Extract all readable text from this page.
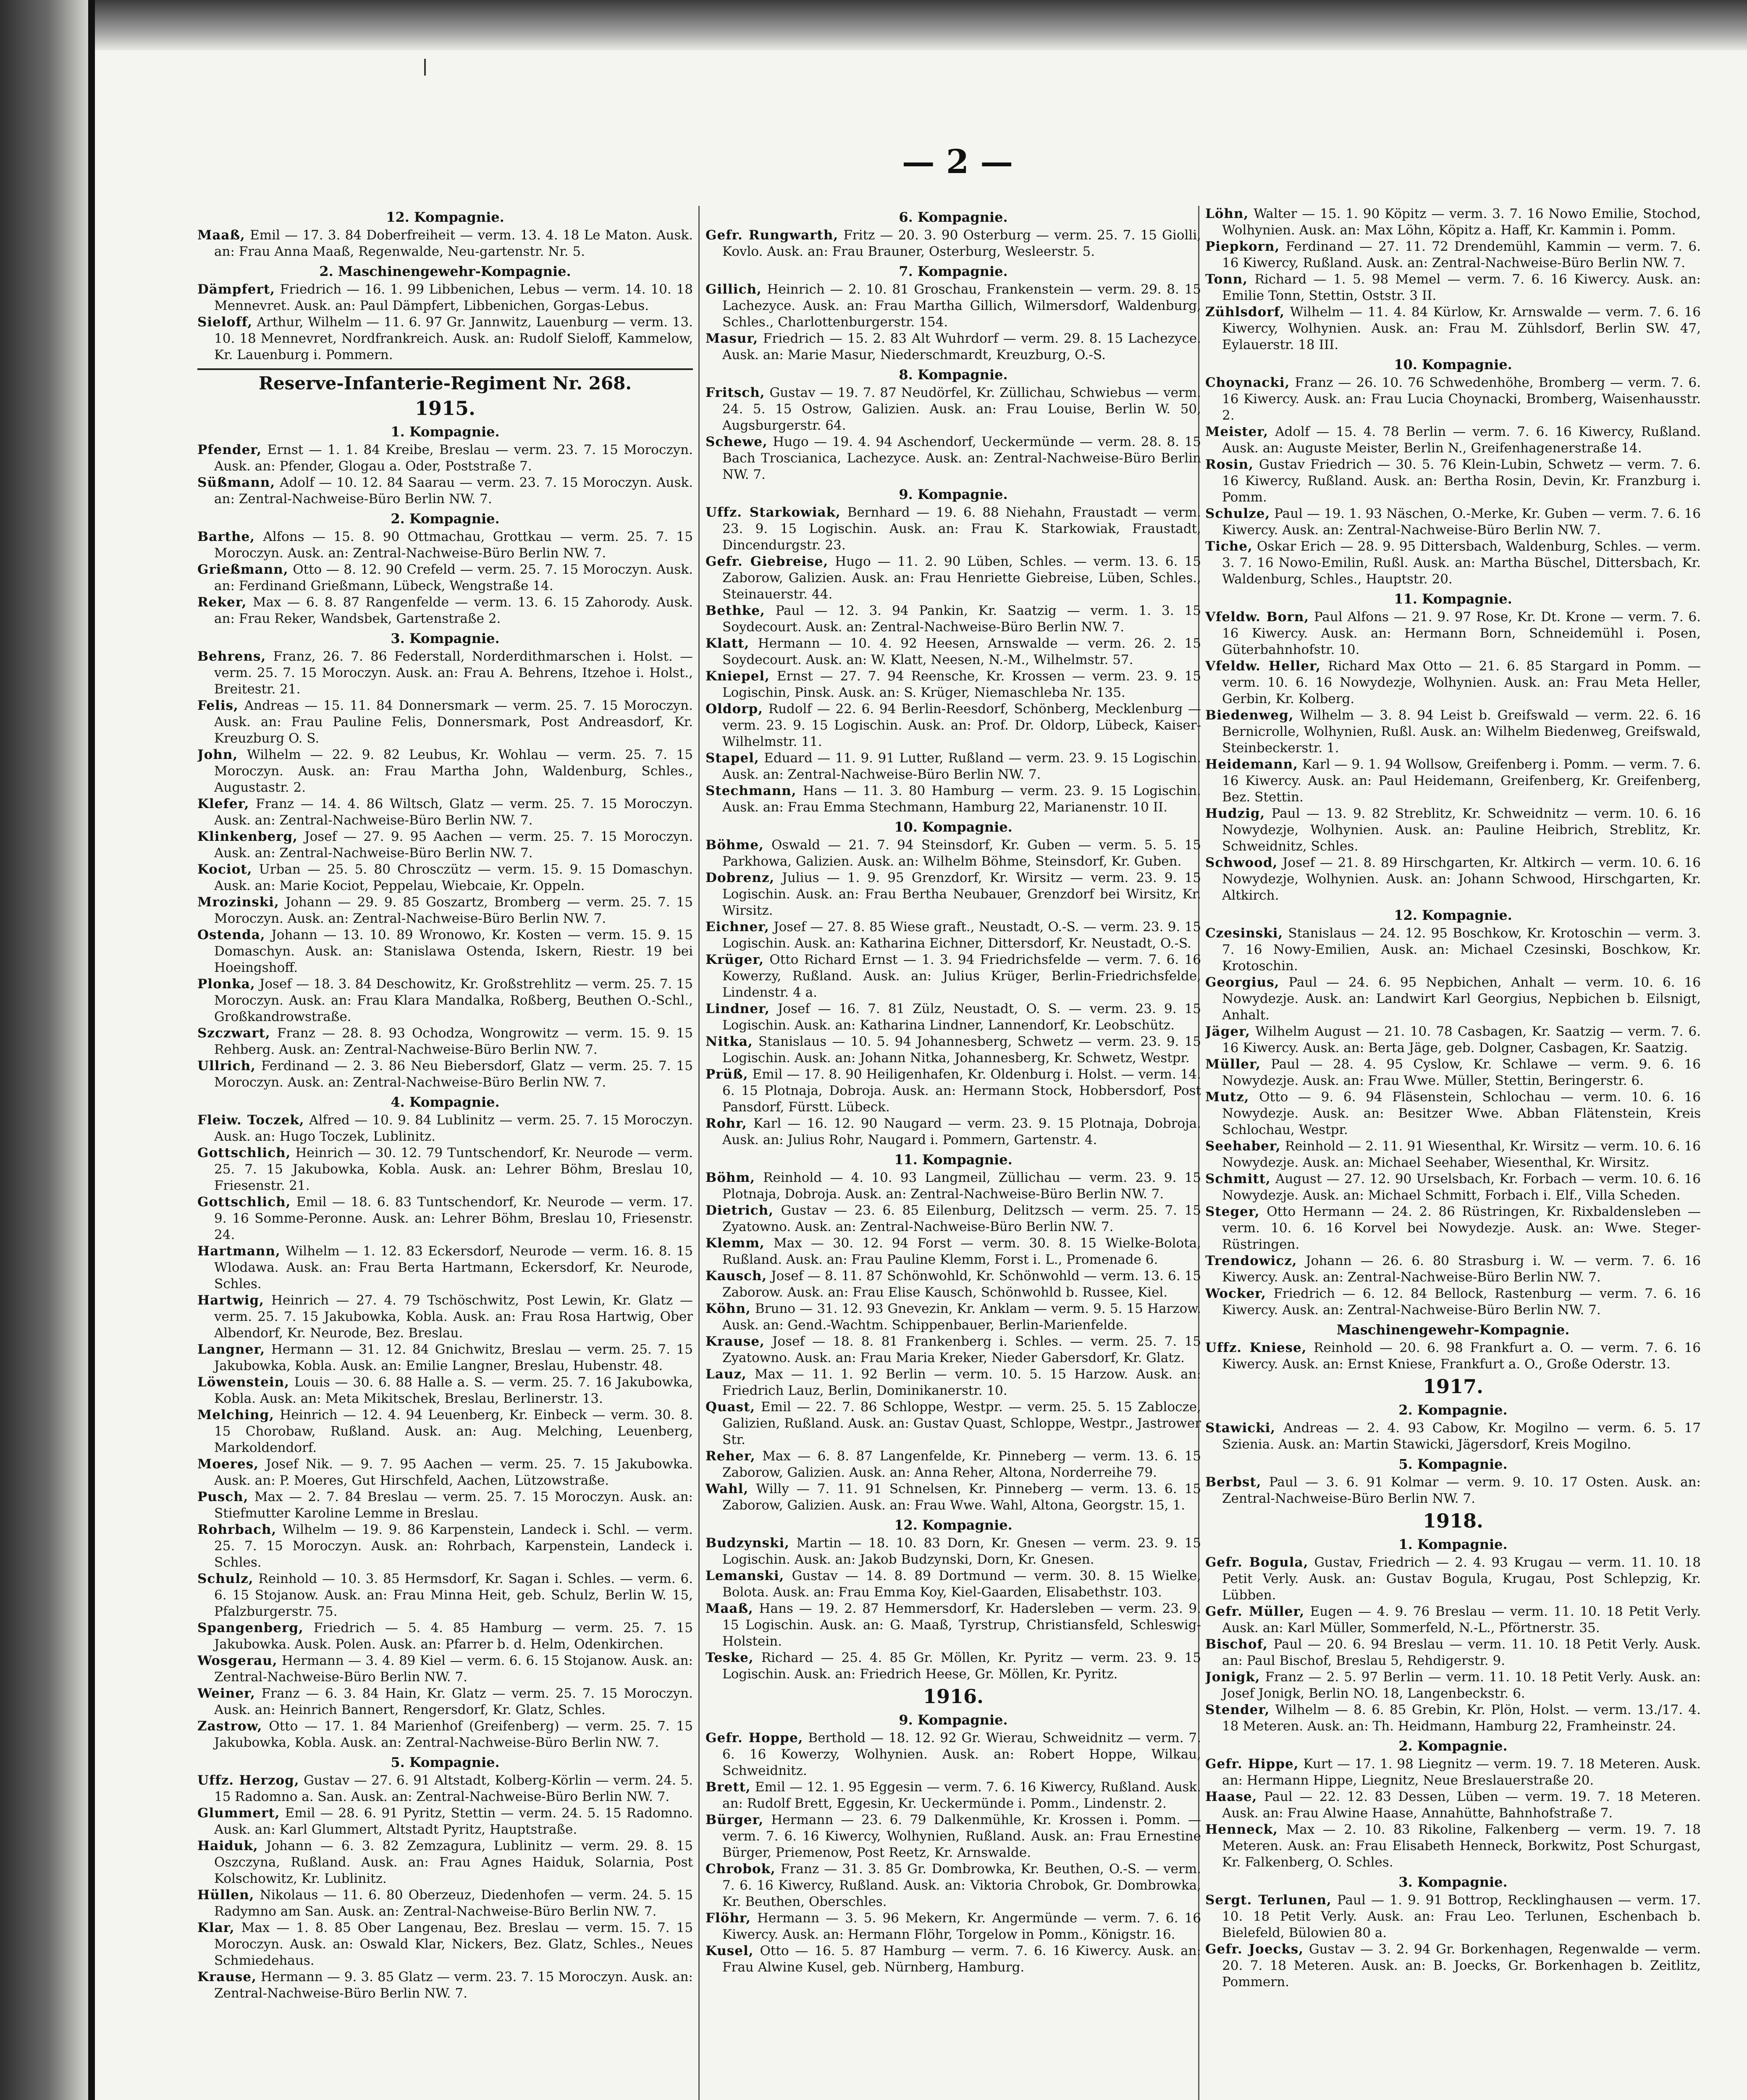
— 2 —
12. Kompagnie.

Maaß, Emil — 17. 3. 84 Doberfreiheit — verm. 13. 4. 18 Le Maton. Ausk. an: Frau Anna Maaß, Regenwalde, Neu-gartenstr. Nr. 5.

2. Maschinengewehr-Kompagnie.

Dämpfert, Friedrich — 16. 1. 99 Libbenichen, Lebus — verm. 14. 10. 18 Mennevret. Ausk. an: Paul Dämpfert, Libbenichen, Gorgas-Lebus.

Sieloff, Arthur, Wilhelm — 11. 6. 97 Gr. Jannwitz, Lauenburg — verm. 13. 10. 18 Mennevret, Nordfrankreich. Ausk. an: Rudolf Sieloff, Kammelow, Kr. Lauenburg i. Pommern.

Reserve-Infanterie-Regiment Nr. 268.
1915.
1. Kompagnie.

Pfender, Ernst — 1. 1. 84 Kreibe, Breslau — verm. 23. 7. 15 Moroczyn. Ausk. an: Pfender, Glogau a. Oder, Poststraße 7.

Süßmann, Adolf — 10. 12. 84 Saarau — verm. 23. 7. 15 Moroczyn. Ausk. an: Zentral-Nachweise-Büro Berlin NW. 7.

2. Kompagnie.

Barthe, Alfons — 15. 8. 90 Ottmachau, Grottkau — verm. 25. 7. 15 Moroczyn. Ausk. an: Zentral-Nachweise-Büro Berlin NW. 7.

Grießmann, Otto — 8. 12. 90 Crefeld — verm. 25. 7. 15 Moroczyn. Ausk. an: Ferdinand Grießmann, Lübeck, Wengstraße 14.

Reker, Max — 6. 8. 87 Rangenfelde — verm. 13. 6. 15 Zahorody. Ausk. an: Frau Reker, Wandsbek, Gartenstraße 2.

3. Kompagnie.

Behrens, Franz, 26. 7. 86 Federstall, Norderdithmarschen i. Holst. — verm. 25. 7. 15 Moroczyn. Ausk. an: Frau A. Behrens, Itzehoe i. Holst., Breitestr. 21.

Felis, Andreas — 15. 11. 84 Donnersmark — verm. 25. 7. 15 Moroczyn. Ausk. an: Frau Pauline Felis, Donnersmark, Post Andreasdorf, Kr. Kreuzburg O. S.

John, Wilhelm — 22. 9. 82 Leubus, Kr. Wohlau — verm. 25. 7. 15 Moroczyn. Ausk. an: Frau Martha John, Waldenburg, Schles., Augustastr. 2.

Klefer, Franz — 14. 4. 86 Wiltsch, Glatz — verm. 25. 7. 15 Moroczyn. Ausk. an: Zentral-Nachweise-Büro Berlin NW. 7.

Klinkenberg, Josef — 27. 9. 95 Aachen — verm. 25. 7. 15 Moroczyn. Ausk. an: Zentral-Nachweise-Büro Berlin NW. 7.

Kociot, Urban — 25. 5. 80 Chrosczütz — verm. 15. 9. 15 Domaschyn. Ausk. an: Marie Kociot, Peppelau, Wiebcaie, Kr. Oppeln.

Mrozinski, Johann — 29. 9. 85 Goszartz, Bromberg — verm. 25. 7. 15 Moroczyn. Ausk. an: Zentral-Nachweise-Büro Berlin NW. 7.

Ostenda, Johann — 13. 10. 89 Wronowo, Kr. Kosten — verm. 15. 9. 15 Domaschyn. Ausk. an: Stanislawa Ostenda, Iskern, Riestr. 19 bei Hoeingshoff.

Plonka, Josef — 18. 3. 84 Deschowitz, Kr. Großstrehlitz — verm. 25. 7. 15 Moroczyn. Ausk. an: Frau Klara Mandalka, Roßberg, Beuthen O.-Schl., Großkandrowstraße.

Szczwart, Franz — 28. 8. 93 Ochodza, Wongrowitz — verm. 15. 9. 15 Rehberg. Ausk. an: Zentral-Nachweise-Büro Berlin NW. 7.

Ullrich, Ferdinand — 2. 3. 86 Neu Biebersdorf, Glatz — verm. 25. 7. 15 Moroczyn. Ausk. an: Zentral-Nachweise-Büro Berlin NW. 7.

4. Kompagnie.

Fleiw. Toczek, Alfred — 10. 9. 84 Lublinitz — verm. 25. 7. 15 Moroczyn. Ausk. an: Hugo Toczek, Lublinitz.

Gottschlich, Heinrich — 30. 12. 79 Tuntschendorf, Kr. Neurode — verm. 25. 7. 15 Jakubowka, Kobla. Ausk. an: Lehrer Böhm, Breslau 10, Friesenstr. 21.

Gottschlich, Emil — 18. 6. 83 Tuntschendorf, Kr. Neurode — verm. 17. 9. 16 Somme-Peronne. Ausk. an: Lehrer Böhm, Breslau 10, Friesenstr. 24.

Hartmann, Wilhelm — 1. 12. 83 Eckersdorf, Neurode — verm. 16. 8. 15 Wlodawa. Ausk. an: Frau Berta Hartmann, Eckersdorf, Kr. Neurode, Schles.

Hartwig, Heinrich — 27. 4. 79 Tschöschwitz, Post Lewin, Kr. Glatz — verm. 25. 7. 15 Jakubowka, Kobla. Ausk. an: Frau Rosa Hartwig, Ober Albendorf, Kr. Neurode, Bez. Breslau.

Langner, Hermann — 31. 12. 84 Gnichwitz, Breslau — verm. 25. 7. 15 Jakubowka, Kobla. Ausk. an: Emilie Langner, Breslau, Hubenstr. 48.

Löwenstein, Louis — 30. 6. 88 Halle a. S. — verm. 25. 7. 16 Jakubowka, Kobla. Ausk. an: Meta Mikitschek, Breslau, Berlinerstr. 13.

Melching, Heinrich — 12. 4. 94 Leuenberg, Kr. Einbeck — verm. 30. 8. 15 Chorobaw, Rußland. Ausk. an: Aug. Melching, Leuenberg, Markoldendorf.

Moeres, Josef Nik. — 9. 7. 95 Aachen — verm. 25. 7. 15 Jakubowka. Ausk. an: P. Moeres, Gut Hirschfeld, Aachen, Lützowstraße.

Pusch, Max — 2. 7. 84 Breslau — verm. 25. 7. 15 Moroczyn. Ausk. an: Stiefmutter Karoline Lemme in Breslau.

Rohrbach, Wilhelm — 19. 9. 86 Karpenstein, Landeck i. Schl. — verm. 25. 7. 15 Moroczyn. Ausk. an: Rohrbach, Karpenstein, Landeck i. Schles.

Schulz, Reinhold — 10. 3. 85 Hermsdorf, Kr. Sagan i. Schles. — verm. 6. 6. 15 Stojanow. Ausk. an: Frau Minna Heit, geb. Schulz, Berlin W. 15, Pfalzburgerstr. 75.

Spangenberg, Friedrich — 5. 4. 85 Hamburg — verm. 25. 7. 15 Jakubowka. Ausk. Polen. Ausk. an: Pfarrer b. d. Helm, Odenkirchen.

Wosgerau, Hermann — 3. 4. 89 Kiel — verm. 6. 6. 15 Stojanow. Ausk. an: Zentral-Nachweise-Büro Berlin NW. 7.

Weiner, Franz — 6. 3. 84 Hain, Kr. Glatz — verm. 25. 7. 15 Moroczyn. Ausk. an: Heinrich Bannert, Rengersdorf, Kr. Glatz, Schles.

Zastrow, Otto — 17. 1. 84 Marienhof (Greifenberg) — verm. 25. 7. 15 Jakubowka, Kobla. Ausk. an: Zentral-Nachweise-Büro Berlin NW. 7.

5. Kompagnie.

Uffz. Herzog, Gustav — 27. 6. 91 Altstadt, Kolberg-Körlin — verm. 24. 5. 15 Radomno a. San. Ausk. an: Zentral-Nachweise-Büro Berlin NW. 7.

Glummert, Emil — 28. 6. 91 Pyritz, Stettin — verm. 24. 5. 15 Radomno. Ausk. an: Karl Glummert, Altstadt Pyritz, Hauptstraße.

Haiduk, Johann — 6. 3. 82 Zemzagura, Lublinitz — verm. 29. 8. 15 Oszczyna, Rußland. Ausk. an: Frau Agnes Haiduk, Solarnia, Post Kolschowitz, Kr. Lublinitz.

Hüllen, Nikolaus — 11. 6. 80 Oberzeuz, Diedenhofen — verm. 24. 5. 15 Radymno am San. Ausk. an: Zentral-Nachweise-Büro Berlin NW. 7.

Klar, Max — 1. 8. 85 Ober Langenau, Bez. Breslau — verm. 15. 7. 15 Moroczyn. Ausk. an: Oswald Klar, Nickers, Bez. Glatz, Schles., Neues Schmiedehaus.

Krause, Hermann — 9. 3. 85 Glatz — verm. 23. 7. 15 Moroczyn. Ausk. an: Zentral-Nachweise-Büro Berlin NW. 7.

6. Kompagnie.

Gefr. Rungwarth, Fritz — 20. 3. 90 Osterburg — verm. 25. 7. 15 Giolli, Kovlo. Ausk. an: Frau Brauner, Osterburg, Wesleerstr. 5.

7. Kompagnie.

Gillich, Heinrich — 2. 10. 81 Groschau, Frankenstein — verm. 29. 8. 15 Lachezyce. Ausk. an: Frau Martha Gillich, Wilmersdorf, Waldenburg, Schles., Charlottenburgerstr. 154.

Masur, Friedrich — 15. 2. 83 Alt Wuhrdorf — verm. 29. 8. 15 Lachezyce. Ausk. an: Marie Masur, Niederschmardt, Kreuzburg, O.-S.

8. Kompagnie.

Fritsch, Gustav — 19. 7. 87 Neudörfel, Kr. Züllichau, Schwiebus — verm. 24. 5. 15 Ostrow, Galizien. Ausk. an: Frau Louise, Berlin W. 50, Augsburgerstr. 64.

Schewe, Hugo — 19. 4. 94 Aschendorf, Ueckermünde — verm. 28. 8. 15 Bach Troscianica, Lachezyce. Ausk. an: Zentral-Nachweise-Büro Berlin NW. 7.

9. Kompagnie.

Uffz. Starkowiak, Bernhard — 19. 6. 88 Niehahn, Fraustadt — verm. 23. 9. 15 Logischin. Ausk. an: Frau K. Starkowiak, Fraustadt, Dincendurgstr. 23.

Gefr. Giebreise, Hugo — 11. 2. 90 Lüben, Schles. — verm. 13. 6. 15 Zaborow, Galizien. Ausk. an: Frau Henriette Giebreise, Lüben, Schles., Steinauerstr. 44.

Bethke, Paul — 12. 3. 94 Pankin, Kr. Saatzig — verm. 1. 3. 15 Soydecourt. Ausk. an: Zentral-Nachweise-Büro Berlin NW. 7.

Klatt, Hermann — 10. 4. 92 Heesen, Arnswalde — verm. 26. 2. 15 Soydecourt. Ausk. an: W. Klatt, Neesen, N.-M., Wilhelmstr. 57.

Kniepel, Ernst — 27. 7. 94 Reensche, Kr. Krossen — verm. 23. 9. 15 Logischin, Pinsk. Ausk. an: S. Krüger, Niemaschleba Nr. 135.

Oldorp, Rudolf — 22. 6. 94 Berlin-Reesdorf, Schönberg, Mecklenburg — verm. 23. 9. 15 Logischin. Ausk. an: Prof. Dr. Oldorp, Lübeck, Kaiser-Wilhelmstr. 11.

Stapel, Eduard — 11. 9. 91 Lutter, Rußland — verm. 23. 9. 15 Logischin. Ausk. an: Zentral-Nachweise-Büro Berlin NW. 7.

Stechmann, Hans — 11. 3. 80 Hamburg — verm. 23. 9. 15 Logischin. Ausk. an: Frau Emma Stechmann, Hamburg 22, Marianenstr. 10 II.

10. Kompagnie.

Böhme, Oswald — 21. 7. 94 Steinsdorf, Kr. Guben — verm. 5. 5. 15 Parkhowa, Galizien. Ausk. an: Wilhelm Böhme, Steinsdorf, Kr. Guben.

Dobrenz, Julius — 1. 9. 95 Grenzdorf, Kr. Wirsitz — verm. 23. 9. 15 Logischin. Ausk. an: Frau Bertha Neubauer, Grenzdorf bei Wirsitz, Kr. Wirsitz.

Eichner, Josef — 27. 8. 85 Wiese graft., Neustadt, O.-S. — verm. 23. 9. 15 Logischin. Ausk. an: Katharina Eichner, Dittersdorf, Kr. Neustadt, O.-S.

Krüger, Otto Richard Ernst — 1. 3. 94 Friedrichsfelde — verm. 7. 6. 16 Kowerzy, Rußland. Ausk. an: Julius Krüger, Berlin-Friedrichsfelde, Lindenstr. 4 a.

Lindner, Josef — 16. 7. 81 Zülz, Neustadt, O. S. — verm. 23. 9. 15 Logischin. Ausk. an: Katharina Lindner, Lannendorf, Kr. Leobschütz.

Nitka, Stanislaus — 10. 5. 94 Johannesberg, Schwetz — verm. 23. 9. 15 Logischin. Ausk. an: Johann Nitka, Johannesberg, Kr. Schwetz, Westpr.

Prüß, Emil — 17. 8. 90 Heiligenhafen, Kr. Oldenburg i. Holst. — verm. 14. 6. 15 Plotnaja, Dobroja. Ausk. an: Hermann Stock, Hobbersdorf, Post Pansdorf, Fürstt. Lübeck.

Rohr, Karl — 16. 12. 90 Naugard — verm. 23. 9. 15 Plotnaja, Dobroja. Ausk. an: Julius Rohr, Naugard i. Pommern, Gartenstr. 4.

11. Kompagnie.

Böhm, Reinhold — 4. 10. 93 Langmeil, Züllichau — verm. 23. 9. 15 Plotnaja, Dobroja. Ausk. an: Zentral-Nachweise-Büro Berlin NW. 7.

Dietrich, Gustav — 23. 6. 85 Eilenburg, Delitzsch — verm. 25. 7. 15 Zyatowno. Ausk. an: Zentral-Nachweise-Büro Berlin NW. 7.

Klemm, Max — 30. 12. 94 Forst — verm. 30. 8. 15 Wielke-Bolota, Rußland. Ausk. an: Frau Pauline Klemm, Forst i. L., Promenade 6.

Kausch, Josef — 8. 11. 87 Schönwohld, Kr. Schönwohld — verm. 13. 6. 15 Zaborow. Ausk. an: Frau Elise Kausch, Schönwohld b. Russee, Kiel.

Köhn, Bruno — 31. 12. 93 Gnevezin, Kr. Anklam — verm. 9. 5. 15 Harzow. Ausk. an: Gend.-Wachtm. Schippenbauer, Berlin-Marienfelde.

Krause, Josef — 18. 8. 81 Frankenberg i. Schles. — verm. 25. 7. 15 Zyatowno. Ausk. an: Frau Maria Kreker, Nieder Gabersdorf, Kr. Glatz.

Lauz, Max — 11. 1. 92 Berlin — verm. 10. 5. 15 Harzow. Ausk. an: Friedrich Lauz, Berlin, Dominikanerstr. 10.

Quast, Emil — 22. 7. 86 Schloppe, Westpr. — verm. 25. 5. 15 Zablocze, Galizien, Rußland. Ausk. an: Gustav Quast, Schloppe, Westpr., Jastrower Str.

Reher, Max — 6. 8. 87 Langenfelde, Kr. Pinneberg — verm. 13. 6. 15 Zaborow, Galizien. Ausk. an: Anna Reher, Altona, Norderreihe 79.

Wahl, Willy — 7. 11. 91 Schnelsen, Kr. Pinneberg — verm. 13. 6. 15 Zaborow, Galizien. Ausk. an: Frau Wwe. Wahl, Altona, Georgstr. 15, 1.

12. Kompagnie.

Budzynski, Martin — 18. 10. 83 Dorn, Kr. Gnesen — verm. 23. 9. 15 Logischin. Ausk. an: Jakob Budzynski, Dorn, Kr. Gnesen.

Lemanski, Gustav — 14. 8. 89 Dortmund — verm. 30. 8. 15 Wielke, Bolota. Ausk. an: Frau Emma Koy, Kiel-Gaarden, Elisabethstr. 103.

Maaß, Hans — 19. 2. 87 Hemmersdorf, Kr. Hadersleben — verm. 23. 9. 15 Logischin. Ausk. an: G. Maaß, Tyrstrup, Christiansfeld, Schleswig-Holstein.

Teske, Richard — 25. 4. 85 Gr. Möllen, Kr. Pyritz — verm. 23. 9. 15 Logischin. Ausk. an: Friedrich Heese, Gr. Möllen, Kr. Pyritz.

1916.
9. Kompagnie.

Gefr. Hoppe, Berthold — 18. 12. 92 Gr. Wierau, Schweidnitz — verm. 7. 6. 16 Kowerzy, Wolhynien. Ausk. an: Robert Hoppe, Wilkau, Schweidnitz.

Brett, Emil — 12. 1. 95 Eggesin — verm. 7. 6. 16 Kiwercy, Rußland. Ausk. an: Rudolf Brett, Eggesin, Kr. Ueckermünde i. Pomm., Lindenstr. 2.

Bürger, Hermann — 23. 6. 79 Dalkenmühle, Kr. Krossen i. Pomm. — verm. 7. 6. 16 Kiwercy, Wolhynien, Rußland. Ausk. an: Frau Ernestine Bürger, Priemenow, Post Reetz, Kr. Arnswalde.

Chrobok, Franz — 31. 3. 85 Gr. Dombrowka, Kr. Beuthen, O.-S. — verm. 7. 6. 16 Kiwercy, Rußland. Ausk. an: Viktoria Chrobok, Gr. Dombrowka, Kr. Beuthen, Oberschles.

Flöhr, Hermann — 3. 5. 96 Mekern, Kr. Angermünde — verm. 7. 6. 16 Kiwercy. Ausk. an: Hermann Flöhr, Torgelow in Pomm., Königstr. 16.

Kusel, Otto — 16. 5. 87 Hamburg — verm. 7. 6. 16 Kiwercy. Ausk. an: Frau Alwine Kusel, geb. Nürnberg, Hamburg.

Löhn, Walter — 15. 1. 90 Köpitz — verm. 3. 7. 16 Nowo Emilie, Stochod, Wolhynien. Ausk. an: Max Löhn, Köpitz a. Haff, Kr. Kammin i. Pomm.

Piepkorn, Ferdinand — 27. 11. 72 Drendemühl, Kammin — verm. 7. 6. 16 Kiwercy, Rußland. Ausk. an: Zentral-Nachweise-Büro Berlin NW. 7.

Tonn, Richard — 1. 5. 98 Memel — verm. 7. 6. 16 Kiwercy. Ausk. an: Emilie Tonn, Stettin, Oststr. 3 II.

Zühlsdorf, Wilhelm — 11. 4. 84 Kürlow, Kr. Arnswalde — verm. 7. 6. 16 Kiwercy, Wolhynien. Ausk. an: Frau M. Zühlsdorf, Berlin SW. 47, Eylauerstr. 18 III.

10. Kompagnie.

Choynacki, Franz — 26. 10. 76 Schwedenhöhe, Bromberg — verm. 7. 6. 16 Kiwercy. Ausk. an: Frau Lucia Choynacki, Bromberg, Waisenhausstr. 2.

Meister, Adolf — 15. 4. 78 Berlin — verm. 7. 6. 16 Kiwercy, Rußland. Ausk. an: Auguste Meister, Berlin N., Greifenhagenerstraße 14.

Rosin, Gustav Friedrich — 30. 5. 76 Klein-Lubin, Schwetz — verm. 7. 6. 16 Kiwercy, Rußland. Ausk. an: Bertha Rosin, Devin, Kr. Franzburg i. Pomm.

Schulze, Paul — 19. 1. 93 Näschen, O.-Merke, Kr. Guben — verm. 7. 6. 16 Kiwercy. Ausk. an: Zentral-Nachweise-Büro Berlin NW. 7.

Tiche, Oskar Erich — 28. 9. 95 Dittersbach, Waldenburg, Schles. — verm. 3. 7. 16 Nowo-Emilin, Rußl. Ausk. an: Martha Büschel, Dittersbach, Kr. Waldenburg, Schles., Hauptstr. 20.

11. Kompagnie.

Vfeldw. Born, Paul Alfons — 21. 9. 97 Rose, Kr. Dt. Krone — verm. 7. 6. 16 Kiwercy. Ausk. an: Hermann Born, Schneidemühl i. Posen, Güterbahnhofstr. 10.

Vfeldw. Heller, Richard Max Otto — 21. 6. 85 Stargard in Pomm. — verm. 10. 6. 16 Nowydezje, Wolhynien. Ausk. an: Frau Meta Heller, Gerbin, Kr. Kolberg.

Biedenweg, Wilhelm — 3. 8. 94 Leist b. Greifswald — verm. 22. 6. 16 Bernicrolle, Wolhynien, Rußl. Ausk. an: Wilhelm Biedenweg, Greifswald, Steinbeckerstr. 1.

Heidemann, Karl — 9. 1. 94 Wollsow, Greifenberg i. Pomm. — verm. 7. 6. 16 Kiwercy. Ausk. an: Paul Heidemann, Greifenberg, Kr. Greifenberg, Bez. Stettin.

Hudzig, Paul — 13. 9. 82 Streblitz, Kr. Schweidnitz — verm. 10. 6. 16 Nowydezje, Wolhynien. Ausk. an: Pauline Heibrich, Streblitz, Kr. Schweidnitz, Schles.

Schwood, Josef — 21. 8. 89 Hirschgarten, Kr. Altkirch — verm. 10. 6. 16 Nowydezje, Wolhynien. Ausk. an: Johann Schwood, Hirschgarten, Kr. Altkirch.

12. Kompagnie.

Czesinski, Stanislaus — 24. 12. 95 Boschkow, Kr. Krotoschin — verm. 3. 7. 16 Nowy-Emilien, Ausk. an: Michael Czesinski, Boschkow, Kr. Krotoschin.

Georgius, Paul — 24. 6. 95 Nepbichen, Anhalt — verm. 10. 6. 16 Nowydezje. Ausk. an: Landwirt Karl Georgius, Nepbichen b. Eilsnigt, Anhalt.

Jäger, Wilhelm August — 21. 10. 78 Casbagen, Kr. Saatzig — verm. 7. 6. 16 Kiwercy. Ausk. an: Berta Jäge, geb. Dolgner, Casbagen, Kr. Saatzig.

Müller, Paul — 28. 4. 95 Cyslow, Kr. Schlawe — verm. 9. 6. 16 Nowydezje. Ausk. an: Frau Wwe. Müller, Stettin, Beringerstr. 6.

Mutz, Otto — 9. 6. 94 Fläsenstein, Schlochau — verm. 10. 6. 16 Nowydezje. Ausk. an: Besitzer Wwe. Abban Flätenstein, Kreis Schlochau, Westpr.

Seehaber, Reinhold — 2. 11. 91 Wiesenthal, Kr. Wirsitz — verm. 10. 6. 16 Nowydezje. Ausk. an: Michael Seehaber, Wiesenthal, Kr. Wirsitz.

Schmitt, August — 27. 12. 90 Urselsbach, Kr. Forbach — verm. 10. 6. 16 Nowydezje. Ausk. an: Michael Schmitt, Forbach i. Elf., Villa Scheden.

Steger, Otto Hermann — 24. 2. 86 Rüstringen, Kr. Rixbaldensleben — verm. 10. 6. 16 Korvel bei Nowydezje. Ausk. an: Wwe. Steger-Rüstringen.

Trendowicz, Johann — 26. 6. 80 Strasburg i. W. — verm. 7. 6. 16 Kiwercy. Ausk. an: Zentral-Nachweise-Büro Berlin NW. 7.

Wocker, Friedrich — 6. 12. 84 Bellock, Rastenburg — verm. 7. 6. 16 Kiwercy. Ausk. an: Zentral-Nachweise-Büro Berlin NW. 7.

Maschinengewehr-Kompagnie.

Uffz. Kniese, Reinhold — 20. 6. 98 Frankfurt a. O. — verm. 7. 6. 16 Kiwercy. Ausk. an: Ernst Kniese, Frankfurt a. O., Große Oderstr. 13.

1917.
2. Kompagnie.

Stawicki, Andreas — 2. 4. 93 Cabow, Kr. Mogilno — verm. 6. 5. 17 Szienia. Ausk. an: Martin Stawicki, Jägersdorf, Kreis Mogilno.

5. Kompagnie.

Berbst, Paul — 3. 6. 91 Kolmar — verm. 9. 10. 17 Osten. Ausk. an: Zentral-Nachweise-Büro Berlin NW. 7.

1918.
1. Kompagnie.

Gefr. Bogula, Gustav, Friedrich — 2. 4. 93 Krugau — verm. 11. 10. 18 Petit Verly. Ausk. an: Gustav Bogula, Krugau, Post Schlepzig, Kr. Lübben.

Gefr. Müller, Eugen — 4. 9. 76 Breslau — verm. 11. 10. 18 Petit Verly. Ausk. an: Karl Müller, Sommerfeld, N.-L., Pförtnerstr. 35.

Bischof, Paul — 20. 6. 94 Breslau — verm. 11. 10. 18 Petit Verly. Ausk. an: Paul Bischof, Breslau 5, Rehdigerstr. 9.

Jonigk, Franz — 2. 5. 97 Berlin — verm. 11. 10. 18 Petit Verly. Ausk. an: Josef Jonigk, Berlin NO. 18, Langenbeckstr. 6.

Stender, Wilhelm — 8. 6. 85 Grebin, Kr. Plön, Holst. — verm. 13./17. 4. 18 Meteren. Ausk. an: Th. Heidmann, Hamburg 22, Framheinstr. 24.

2. Kompagnie.

Gefr. Hippe, Kurt — 17. 1. 98 Liegnitz — verm. 19. 7. 18 Meteren. Ausk. an: Hermann Hippe, Liegnitz, Neue Breslauerstraße 20.

Haase, Paul — 22. 12. 83 Dessen, Lüben — verm. 19. 7. 18 Meteren. Ausk. an: Frau Alwine Haase, Annahütte, Bahnhofstraße 7.

Henneck, Max — 2. 10. 83 Rikoline, Falkenberg — verm. 19. 7. 18 Meteren. Ausk. an: Frau Elisabeth Henneck, Borkwitz, Post Schurgast, Kr. Falkenberg, O. Schles.

3. Kompagnie.

Sergt. Terlunen, Paul — 1. 9. 91 Bottrop, Recklinghausen — verm. 17. 10. 18 Petit Verly. Ausk. an: Frau Leo. Terlunen, Eschenbach b. Bielefeld, Bülowien 80 a.

Gefr. Joecks, Gustav — 3. 2. 94 Gr. Borkenhagen, Regenwalde — verm. 20. 7. 18 Meteren. Ausk. an: B. Joecks, Gr. Borkenhagen b. Zeitlitz, Pommern.
